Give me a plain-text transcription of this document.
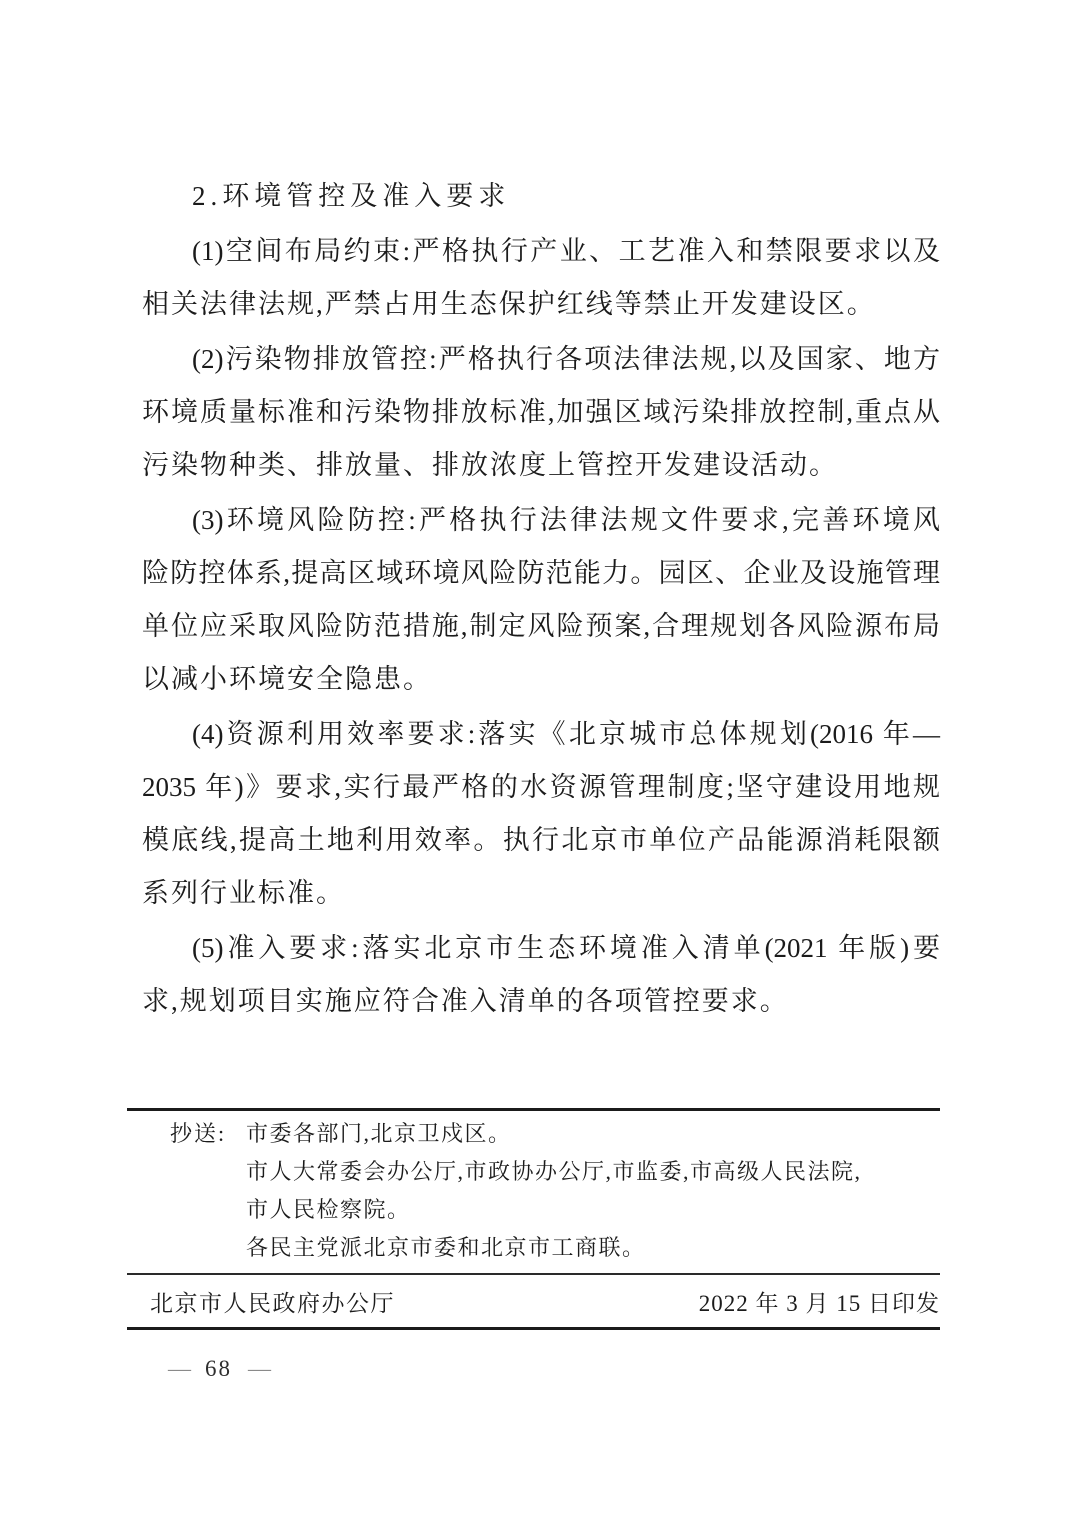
2.环境管控及准入要求
(1)空间布局约束:严格执行产业、工艺准入和禁限要求以及
相关法律法规,严禁占用生态保护红线等禁止开发建设区。
(2)污染物排放管控:严格执行各项法律法规,以及国家、地方
环境质量标准和污染物排放标准,加强区域污染排放控制,重点从
污染物种类、排放量、排放浓度上管控开发建设活动。
(3)环境风险防控:严格执行法律法规文件要求,完善环境风
险防控体系,提高区域环境风险防范能力。园区、企业及设施管理
单位应采取风险防范措施,制定风险预案,合理规划各风险源布局
以减小环境安全隐患。
(4)资源利用效率要求:落实《北京城市总体规划(2016 年—
2035 年)》要求,实行最严格的水资源管理制度;坚守建设用地规
模底线,提高土地利用效率。执行北京市单位产品能源消耗限额
系列行业标准。
(5)准入要求:落实北京市生态环境准入清单(2021 年版)要
求,规划项目实施应符合准入清单的各项管控要求。
抄送: 市委各部门,北京卫戍区。
市人大常委会办公厅,市政协办公厅,市监委,市高级人民法院,
市人民检察院。
各民主党派北京市委和北京市工商联。
北京市人民政府办公厅	2022 年 3 月 15 日印发
— 68 —
